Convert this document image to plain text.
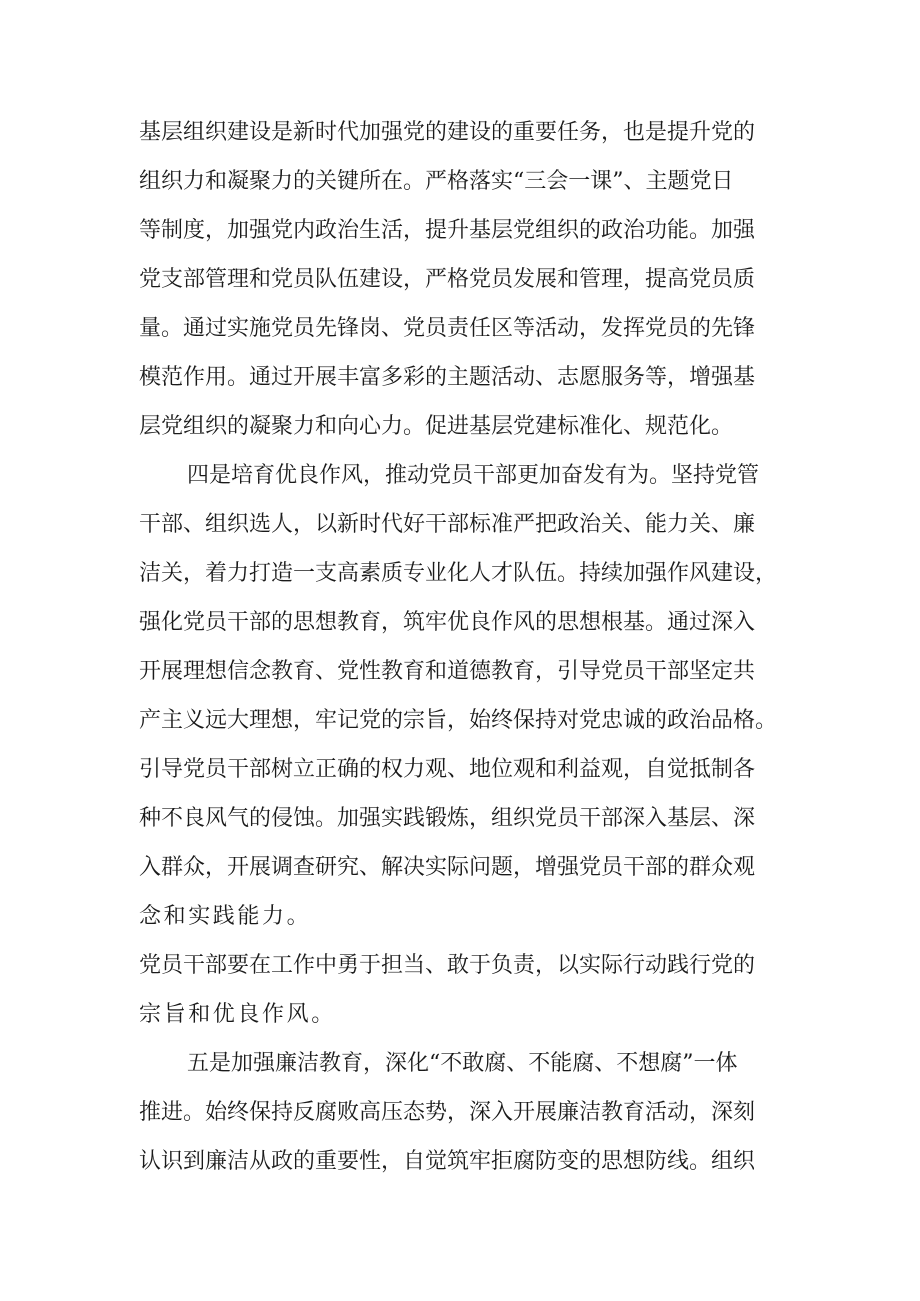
基层组织建设是新时代加强党的建设的重要任务，也是提升党的
组织力和凝聚力的关键所在。严格落实“三会一课”、主题党日
等制度，加强党内政治生活，提升基层党组织的政治功能。加强
党支部管理和党员队伍建设，严格党员发展和管理，提高党员质
量。通过实施党员先锋岗、党员责任区等活动，发挥党员的先锋
模范作用。通过开展丰富多彩的主题活动、志愿服务等，增强基
层党组织的凝聚力和向心力。促进基层党建标准化、规范化。
四是培育优良作风，推动党员干部更加奋发有为。坚持党管
干部、组织选人，以新时代好干部标准严把政治关、能力关、廉
洁关，着力打造一支高素质专业化人才队伍。持续加强作风建设，
强化党员干部的思想教育，筑牢优良作风的思想根基。通过深入
开展理想信念教育、党性教育和道德教育，引导党员干部坚定共
产主义远大理想，牢记党的宗旨，始终保持对党忠诚的政治品格。
引导党员干部树立正确的权力观、地位观和利益观，自觉抵制各
种不良风气的侵蚀。加强实践锻炼，组织党员干部深入基层、深
入群众，开展调查研究、解决实际问题，增强党员干部的群众观
念和实践能力。
党员干部要在工作中勇于担当、敢于负责，以实际行动践行党的
宗旨和优良作风。
五是加强廉洁教育，深化“不敢腐、不能腐、不想腐”一体
推进。始终保持反腐败高压态势，深入开展廉洁教育活动，深刻
认识到廉洁从政的重要性，自觉筑牢拒腐防变的思想防线。组织
